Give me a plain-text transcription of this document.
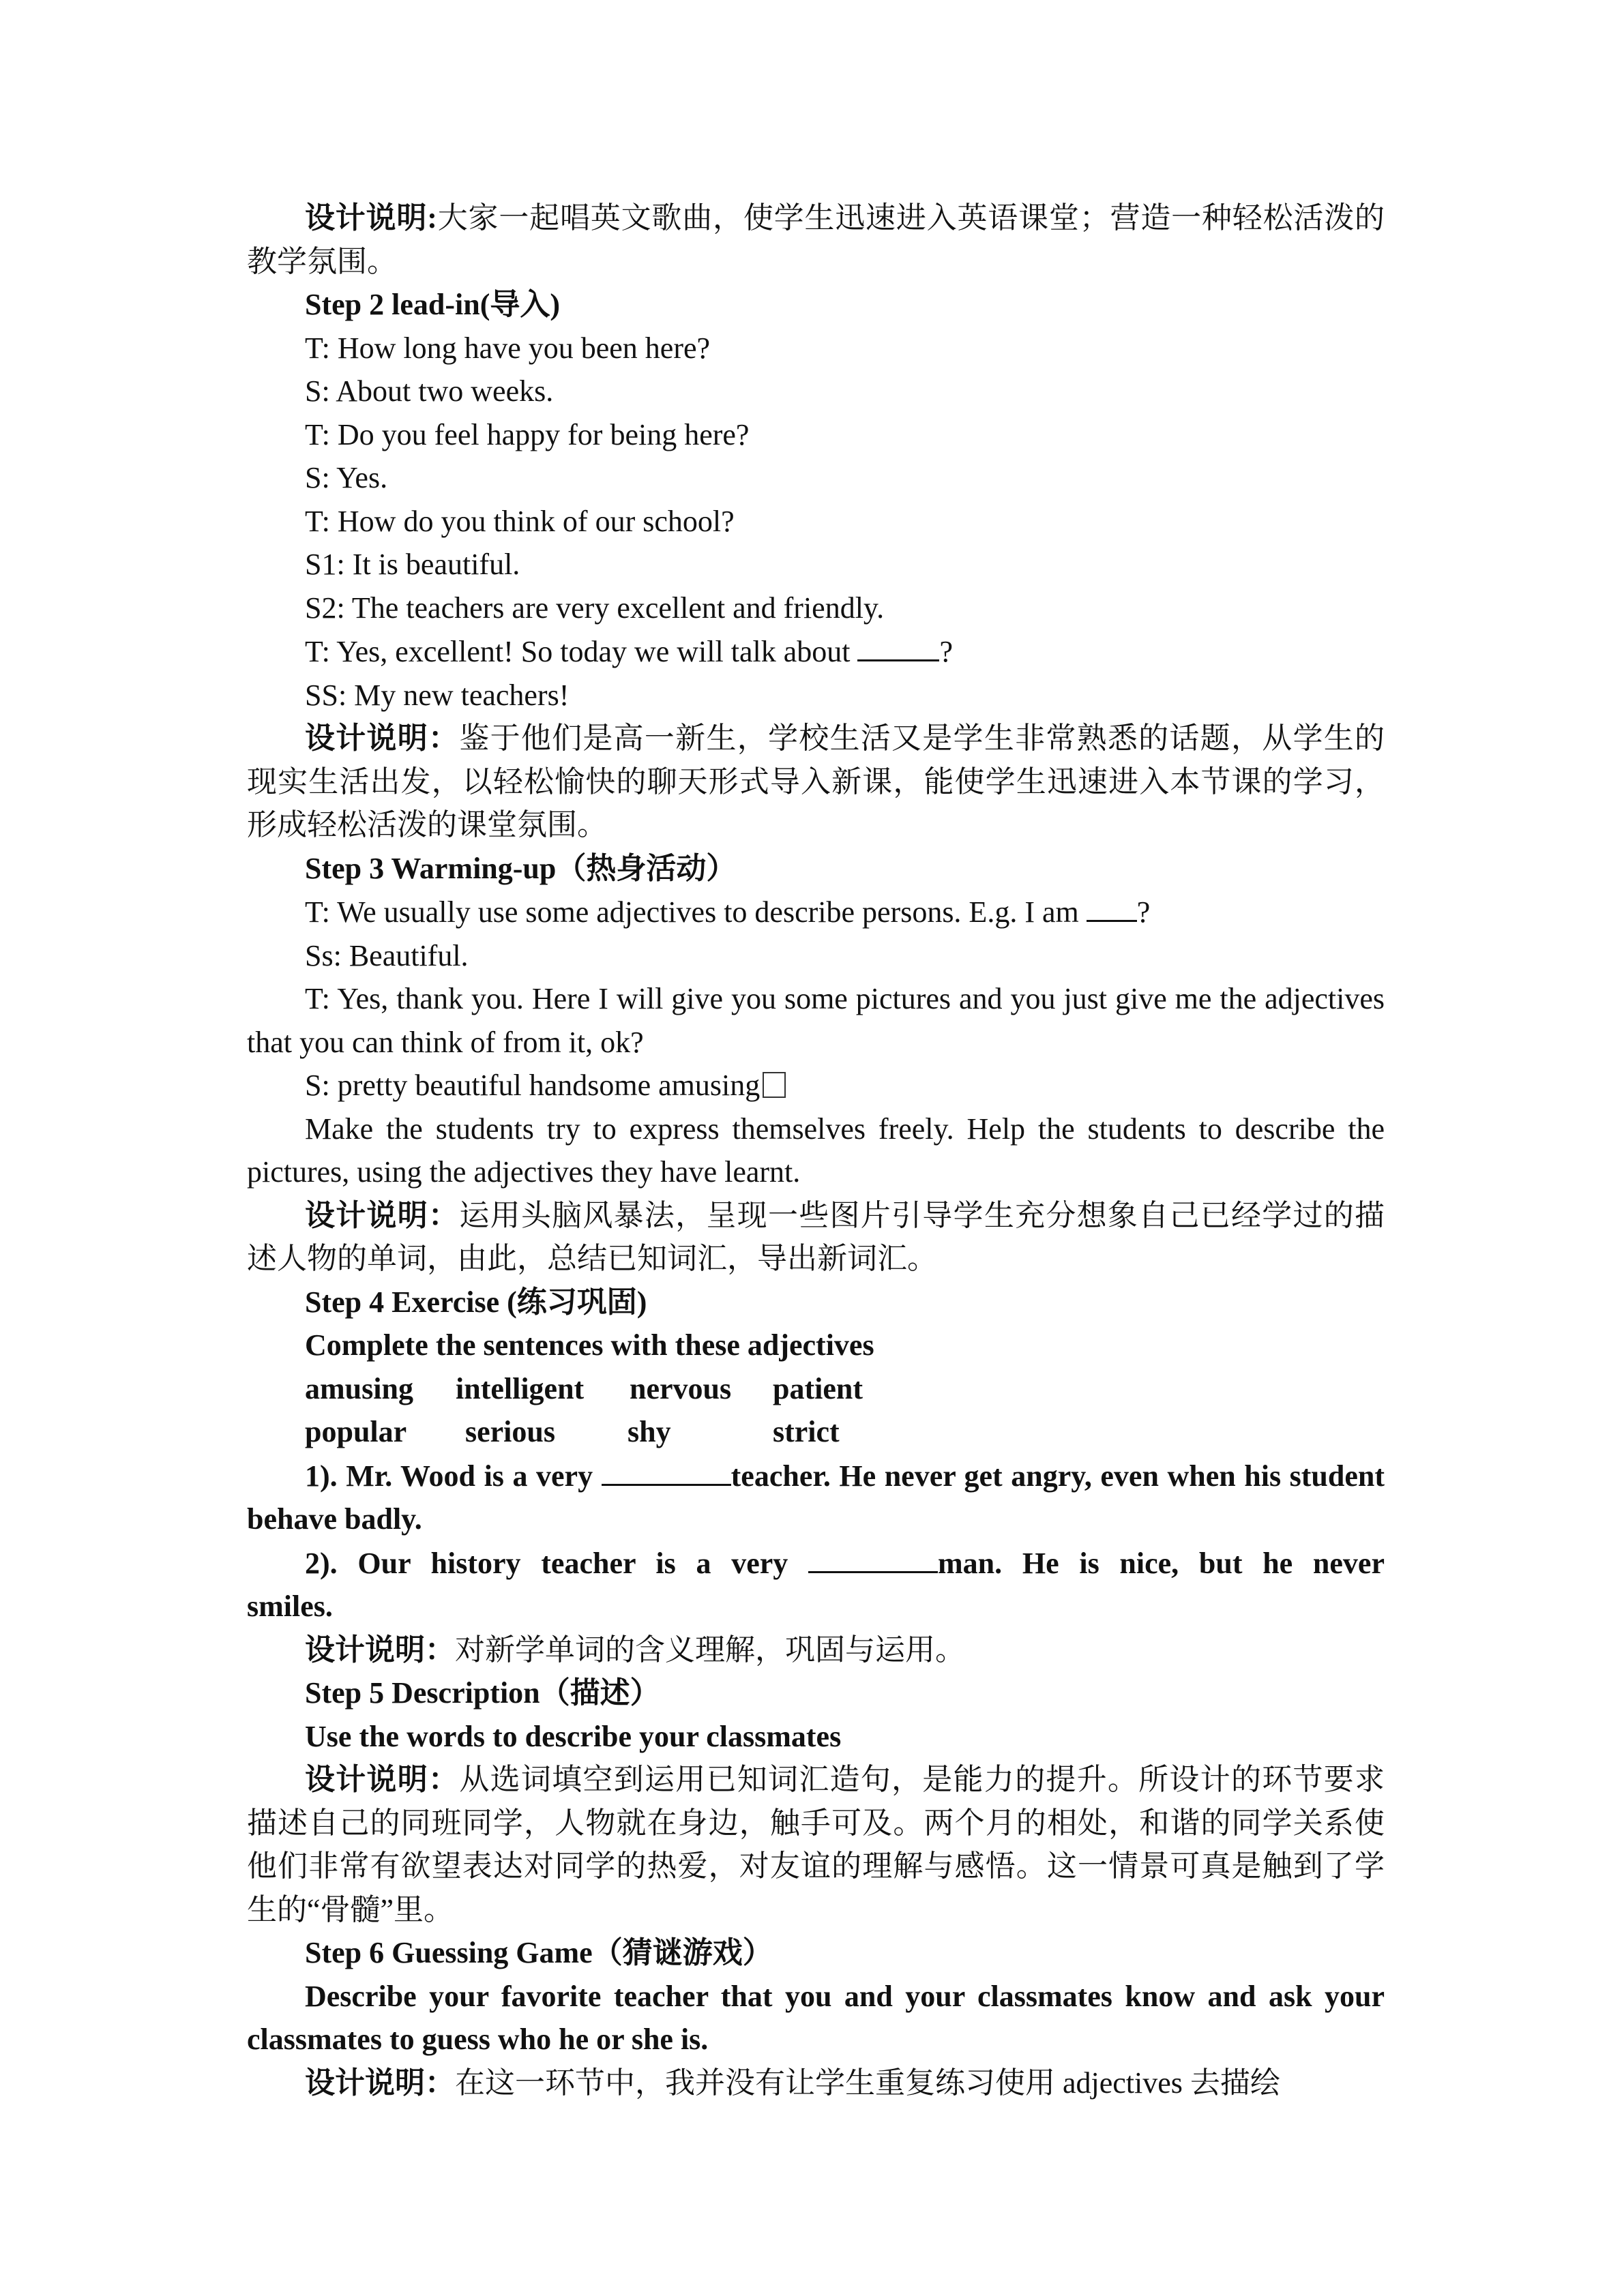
设计说明:大家一起唱英文歌曲，使学生迅速进入英语课堂；营造一种轻松活泼的教学氛围。

Step 2 lead-in(导入)

T: How long have you been here?

S: About two weeks.

T: Do you feel happy for being here?

S: Yes.

T: How do you think of our school?

S1: It is beautiful.

S2: The teachers are very excellent and friendly.

T: Yes, excellent! So today we will talk about	?

SS: My new teachers!

设计说明：鉴于他们是高一新生，学校生活又是学生非常熟悉的话题，从学生的现实生活出发，以轻松愉快的聊天形式导入新课，能使学生迅速进入本节课的学习，形成轻松活泼的课堂氛围。

Step 3 Warming-up（热身活动）

T: We usually use some adjectives to describe persons. E.g. I am ?

Ss: Beautiful.

T: Yes, thank you. Here I will give you some pictures and you just give me the adjectives that you can think of from it, ok?

S: pretty beautiful handsome amusing

Make the students try to express themselves freely. Help the students to describe the pictures, using the adjectives they have learnt.

设计说明：运用头脑风暴法，呈现一些图片引导学生充分想象自己已经学过的描述人物的单词，由此，总结已知词汇，导出新词汇。

Step 4 Exercise (练习巩固)

Complete the sentences with these adjectives

amusing intelligent nervous patient

popular serious shy	strict

1). Mr. Wood is a very	teacher. He never get angry, even when his student behave badly.

2). Our history teacher is a very	man. He is nice, but he never smiles.

设计说明：对新学单词的含义理解，巩固与运用。

Step 5 Description（描述）

Use the words to describe your classmates

设计说明：从选词填空到运用已知词汇造句，是能力的提升。所设计的环节要求描述自己的同班同学，人物就在身边，触手可及。两个月的相处，和谐的同学关系使他们非常有欲望表达对同学的热爱，对友谊的理解与感悟。这一情景可真是触到了学生的“骨髓”里。

Step 6 Guessing Game（猜谜游戏）

Describe your favorite teacher that you and your classmates know and ask your classmates to guess who he or she is.

设计说明：在这一环节中，我并没有让学生重复练习使用 adjectives 去描绘
